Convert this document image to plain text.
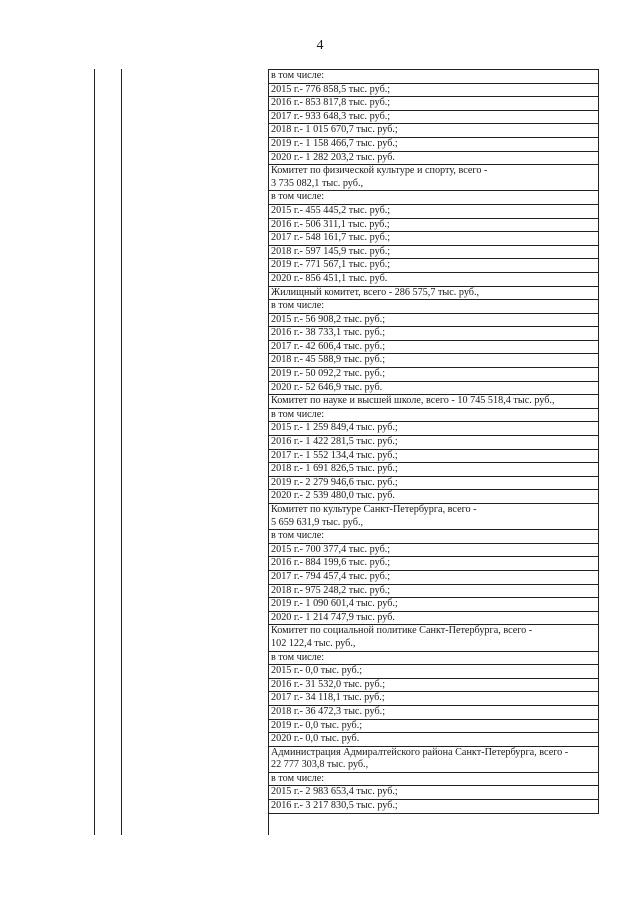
4
в том числе:
2015 г.- 776 858,5 тыс. руб.;
2016 г.- 853 817,8 тыс. руб.;
2017 г.- 933 648,3 тыс. руб.;
2018 г.- 1 015 670,7 тыс. руб.;
2019 г.- 1 158 466,7 тыс. руб.;
2020 г.- 1 282 203,2 тыс. руб.
Комитет по физической культуре и спорту, всего -
3 735 082,1 тыс. руб.,
в том числе:
2015 г.- 455 445,2 тыс. руб.;
2016 г.- 506 311,1 тыс. руб.;
2017 г.- 548 161,7 тыс. руб.;
2018 г.- 597 145,9 тыс. руб.;
2019 г.- 771 567,1 тыс. руб.;
2020 г.- 856 451,1 тыс. руб.
Жилищный комитет, всего - 286 575,7 тыс. руб.,
в том числе:
2015 г.- 56 908,2 тыс. руб.;
2016 г.- 38 733,1 тыс. руб.;
2017 г.- 42 606,4 тыс. руб.;
2018 г.- 45 588,9 тыс. руб.;
2019 г.- 50 092,2 тыс. руб.;
2020 г.- 52 646,9 тыс. руб.
Комитет по науке и высшей школе, всего - 10 745 518,4 тыс. руб.,
в том числе:
2015 г.- 1 259 849,4 тыс. руб.;
2016 г.- 1 422 281,5 тыс. руб.;
2017 г.- 1 552 134,4 тыс. руб.;
2018 г.- 1 691 826,5 тыс. руб.;
2019 г.- 2 279 946,6 тыс. руб.;
2020 г.- 2 539 480,0 тыс. руб.
Комитет по культуре Санкт-Петербурга, всего -
5 659 631,9 тыс. руб.,
в том числе:
2015 г.- 700 377,4 тыс. руб.;
2016 г.- 884 199,6 тыс. руб.;
2017 г.- 794 457,4 тыс. руб.;
2018 г.- 975 248,2 тыс. руб.;
2019 г.- 1 090 601,4 тыс. руб.;
2020 г.- 1 214 747,9 тыс. руб.
Комитет по социальной политике Санкт-Петербурга, всего -
102 122,4 тыс. руб.,
в том числе:
2015 г.- 0,0 тыс. руб.;
2016 г.- 31 532,0 тыс. руб.;
2017 г.- 34 118,1 тыс. руб.;
2018 г.- 36 472,3 тыс. руб.;
2019 г.- 0,0 тыс. руб.;
2020 г.- 0,0 тыс. руб.
Администрация Адмиралтейского района Санкт-Петербурга, всего -
22 777 303,8 тыс. руб.,
в том числе:
2015 г.- 2 983 653,4 тыс. руб.;
2016 г.- 3 217 830,5 тыс. руб.;
